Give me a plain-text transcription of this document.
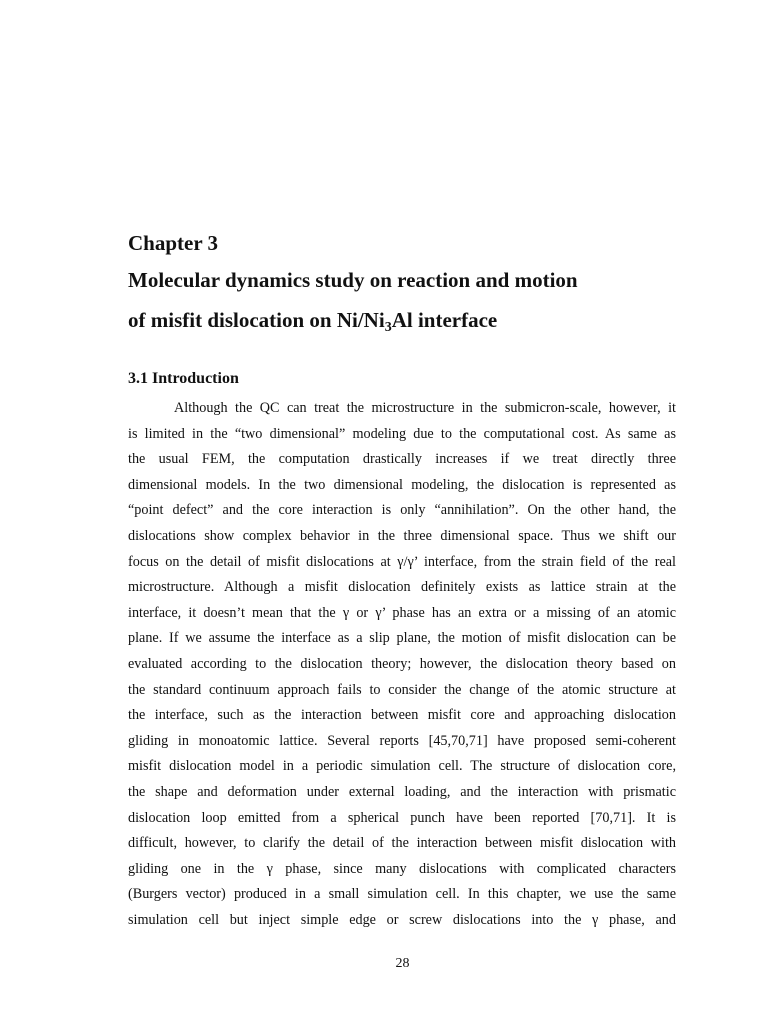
Chapter 3
Molecular dynamics study on reaction and motion
of misfit dislocation on Ni/Ni3Al interface
3.1 Introduction
Although the QC can treat the microstructure in the submicron-scale, however, it
is limited in the “two dimensional” modeling due to the computational cost. As same as
the usual FEM, the computation drastically increases if we treat directly three
dimensional models. In the two dimensional modeling, the dislocation is represented as
“point defect” and the core interaction is only “annihilation”. On the other hand, the
dislocations show complex behavior in the three dimensional space. Thus we shift our
focus on the detail of misfit dislocations at γ/γ’ interface, from the strain field of the real
microstructure. Although a misfit dislocation definitely exists as lattice strain at the
interface, it doesn’t mean that the γ or γ’ phase has an extra or a missing of an atomic
plane. If we assume the interface as a slip plane, the motion of misfit dislocation can be
evaluated according to the dislocation theory; however, the dislocation theory based on
the standard continuum approach fails to consider the change of the atomic structure at
the interface, such as the interaction between misfit core and approaching dislocation
gliding in monoatomic lattice. Several reports [45,70,71] have proposed semi-coherent
misfit dislocation model in a periodic simulation cell. The structure of dislocation core,
the shape and deformation under external loading, and the interaction with prismatic
dislocation loop emitted from a spherical punch have been reported [70,71]. It is
difficult, however, to clarify the detail of the interaction between misfit dislocation with
gliding one in the γ phase, since many dislocations with complicated characters
(Burgers vector) produced in a small simulation cell. In this chapter, we use the same
simulation cell but inject simple edge or screw dislocations into the γ phase, and
28
